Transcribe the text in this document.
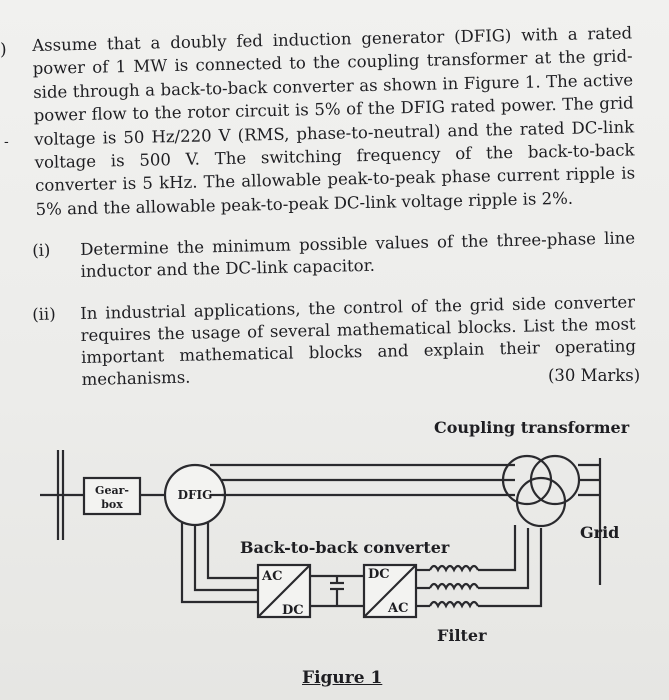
)
-

Assume that a doubly fed induction generator (DFIG) with a rated power of 1 MW is connected to the coupling transformer at the grid-side through a back-to-back converter as shown in Figure 1. The active power flow to the rotor circuit is 5% of the DFIG rated power. The grid voltage is 50 Hz/220 V (RMS, phase-to-neutral) and the rated DC-link voltage is 500 V. The switching frequency of the back-to-back converter is 5 kHz. The allowable peak-to-peak phase current ripple is 5% and the allowable peak-to-peak DC-link voltage ripple is 2%.

(i) Determine the minimum possible values of the three-phase line inductor and the DC-link capacitor.
(ii) In industrial applications, the control of the grid side converter requires the usage of several mathematical blocks. List the most important mathematical blocks and explain their operating mechanisms.	(30 Marks)
Coupling transformer
Gear-
box
DFIG
Back-to-back converter
AC
DC
DC
AC
Grid
Filter
Figure 1
